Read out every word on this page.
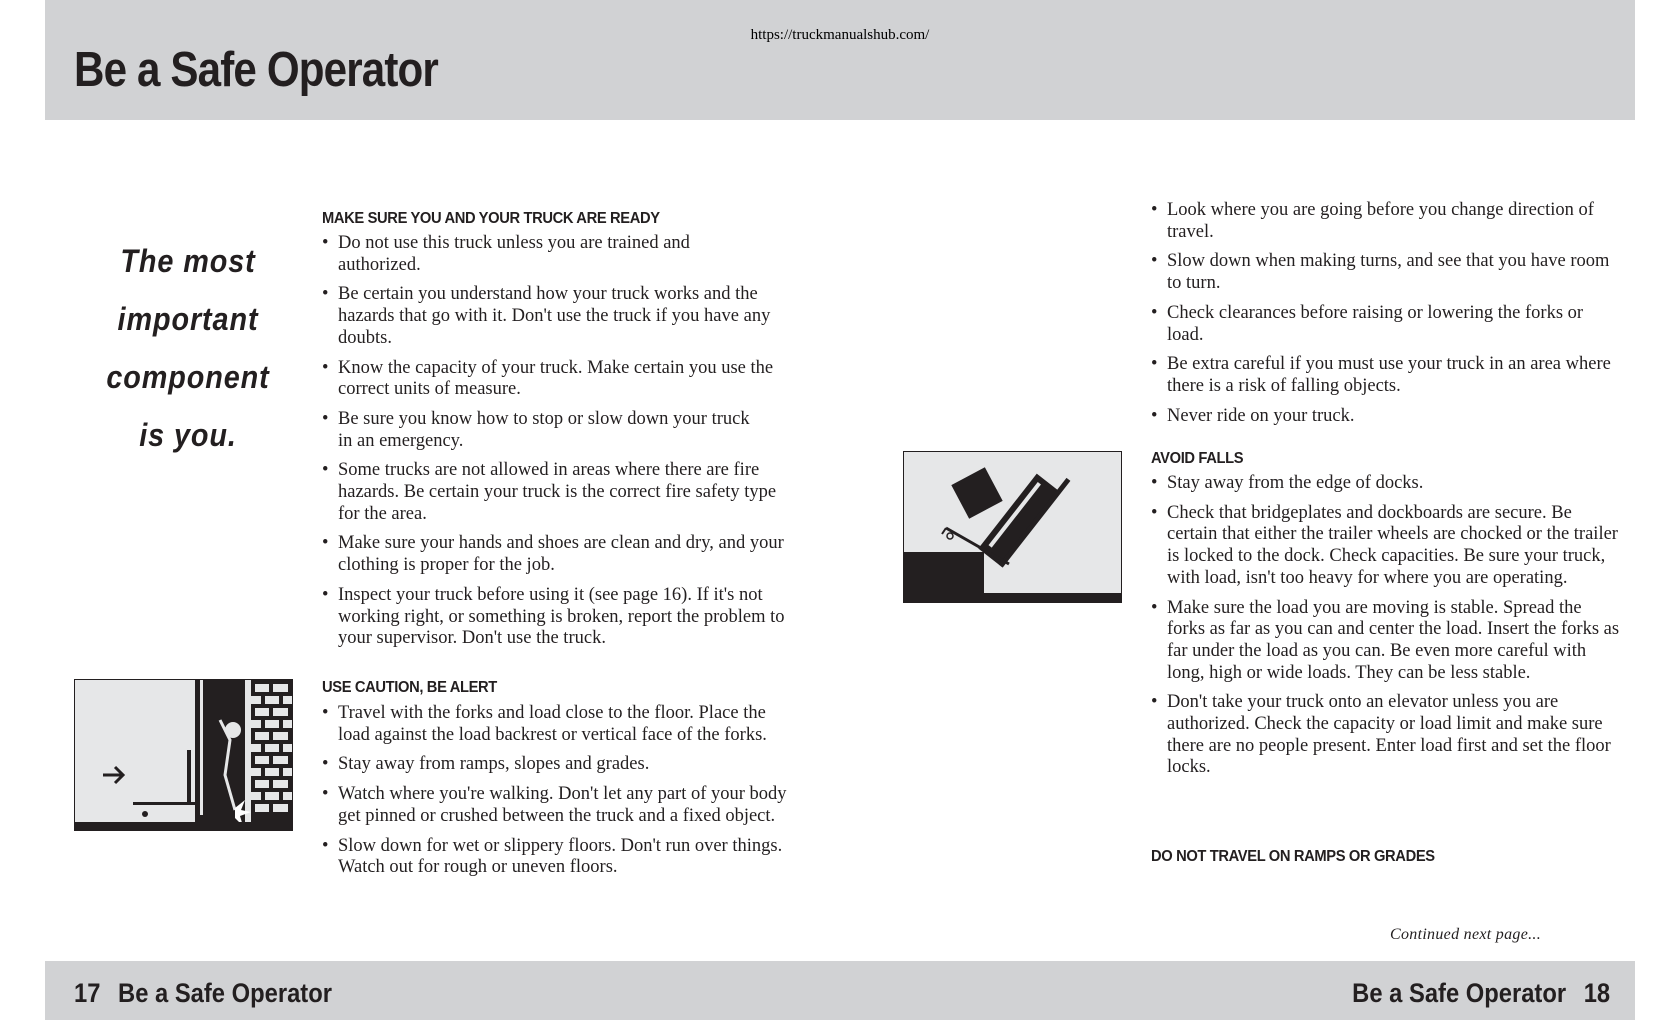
https://truckmanualshub.com/
Be a Safe Operator
The most
important
component
is you.
MAKE SURE YOU AND YOUR TRUCK ARE READY
• Do not use this truck unless you are trained and authorized.
• Be certain you understand how your truck works and the hazards that go with it. Don't use the truck if you have any doubts.
• Know the capacity of your truck. Make certain you use the correct units of measure.
• Be sure you know how to stop or slow down your truck in an emergency.
• Some trucks are not allowed in areas where there are fire hazards. Be certain your truck is the correct fire safety type for the area.
• Make sure your hands and shoes are clean and dry, and your clothing is proper for the job.
• Inspect your truck before using it (see page 16). If it's not working right, or something is broken, report the problem to your supervisor. Don't use the truck.
USE CAUTION, BE ALERT
• Travel with the forks and load close to the floor. Place the load against the load backrest or vertical face of the forks.
• Stay away from ramps, slopes and grades.
• Watch where you're walking. Don't let any part of your body get pinned or crushed between the truck and a fixed object.
• Slow down for wet or slippery floors. Don't run over things. Watch out for rough or uneven floors.
• Look where you are going before you change direction of travel.
• Slow down when making turns, and see that you have room to turn.
• Check clearances before raising or lowering the forks or load.
• Be extra careful if you must use your truck in an area where there is a risk of falling objects.
• Never ride on your truck.
AVOID FALLS
• Stay away from the edge of docks.
• Check that bridgeplates and dockboards are secure. Be certain that either the trailer wheels are chocked or the trailer is locked to the dock. Check capacities. Be sure your truck, with load, isn't too heavy for where you are operating.
• Make sure the load you are moving is stable. Spread the forks as far as you can and center the load. Insert the forks as far under the load as you can. Be even more careful with long, high or wide loads. They can be less stable.
• Don't take your truck onto an elevator unless you are authorized. Check the capacity or load limit and make sure there are no people present. Enter load first and set the floor locks.
DO NOT TRAVEL ON RAMPS OR GRADES
Continued next page...
17 Be a Safe Operator	Be a Safe Operator 18
